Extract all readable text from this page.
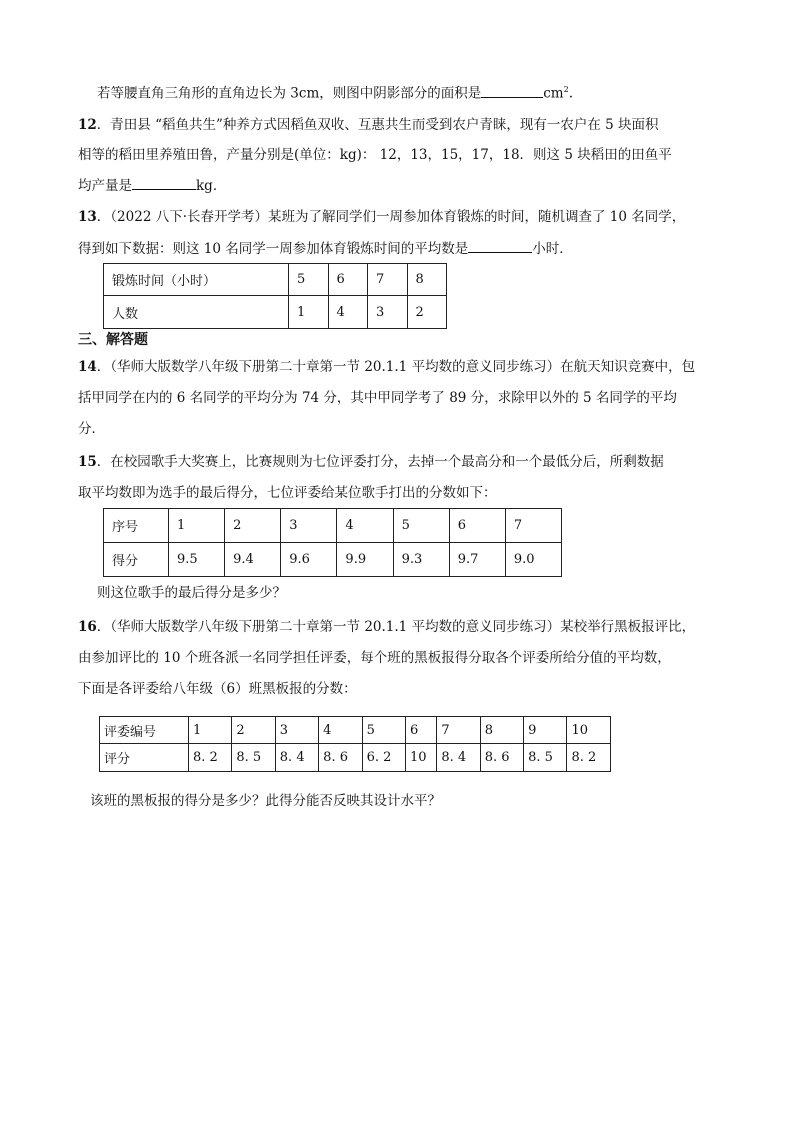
若等腰直角三角形的直角边长为 3cm，则图中阴影部分的面积是	$cm^2$.
12．青田县 “稻鱼共生”种养方式因稻鱼双收、互惠共生而受到农户青睐，现有一农户在 5 块面积
相等的稻田里养殖田鲁，产量分别是(单位：kg)： 12，13，15，17，18．则这 5 块稻田的田鱼平
均产量是	kg．
13．（2022 八下·长春开学考）某班为了解同学们一周参加体育锻炼的时间，随机调查了 10 名同学，
得到如下数据：则这 10 名同学一周参加体育锻炼时间的平均数是	小时．
锻炼时间（小时）	5	6	7	8
人数	1	4	3	2
三、解答题
14．（华师大版数学八年级下册第二十章第一节 20.1.1 平均数的意义同步练习）在航天知识竞赛中，包
括甲同学在内的 6 名同学的平均分为 74 分，其中甲同学考了 89 分，求除甲以外的 5 名同学的平均
分．
15．在校园歌手大奖赛上，比赛规则为七位评委打分，去掉一个最高分和一个最低分后，所剩数据
取平均数即为选手的最后得分，七位评委给某位歌手打出的分数如下：
序号	1	2	3	4	5	6	7
得分	9.5	9.4	9.6	9.9	9.3	9.7	9.0
则这位歌手的最后得分是多少？
16．（华师大版数学八年级下册第二十章第一节 20.1.1 平均数的意义同步练习）某校举行黑板报评比，
由参加评比的 10 个班各派一名同学担任评委，每个班的黑板报得分取各个评委所给分值的平均数，
下面是各评委给八年级（6）班黑板报的分数：
评委编号	1	2	3	4	5	6	7	8	9	10
评分	8. 2	8. 5	8. 4	8. 6	6. 2	10	8. 4	8. 6	8. 5	8. 2
该班的黑板报的得分是多少？此得分能否反映其设计水平？
